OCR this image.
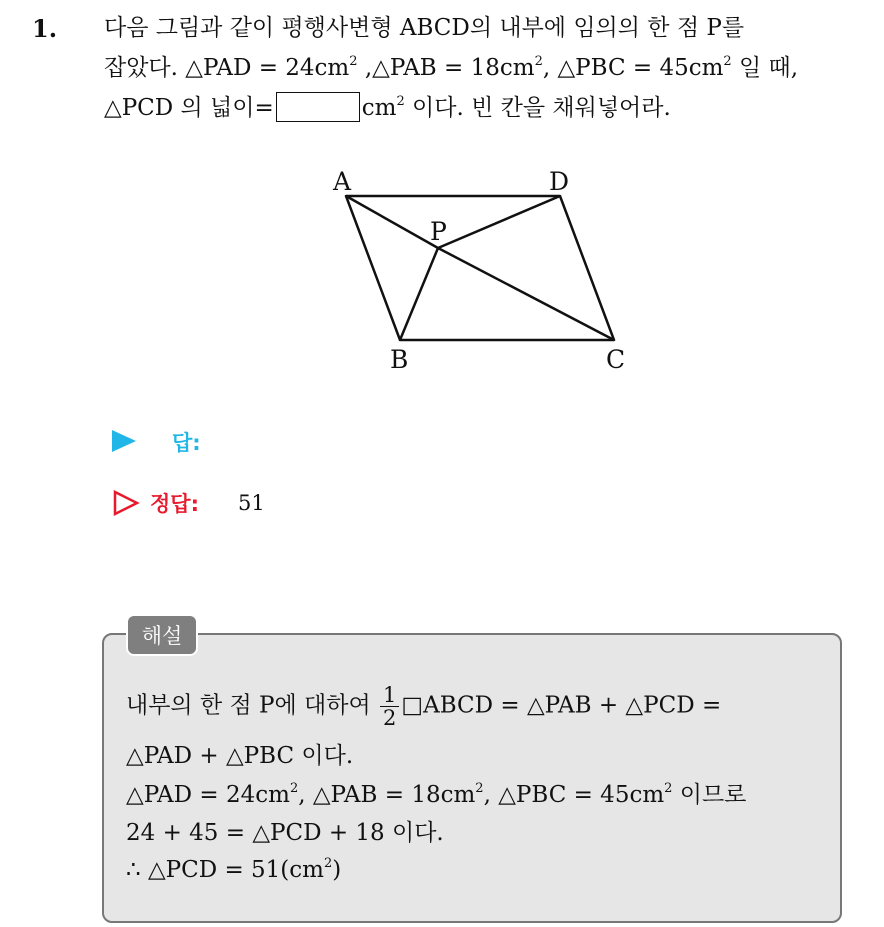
1. 다음 그림과 같이 평행사변형 ABCD의 내부에 임의의 한 점 P를
잡았다. △PAD = $24cm^2$ ,△PAB = $18cm^2$, △PBC = $45cm^2$ 일 때,
△PCD 의 넓이=	$cm^2$ 이다. 빈 칸을 채워넣어라.
A	D
P
B	C
답:
정답: 51
해설
내부의 한 점 P에 대하여 $\frac{1}{2}$ □ABCD = △PAB + △PCD =
△PAD + △PBC 이다.
△PAD = $24cm^2$, △PAB = $18cm^2$, △PBC = $45cm^2$ 이므로
24 + 45 = △PCD + 18 이다.
∴ △PCD = $51(cm^2)$
